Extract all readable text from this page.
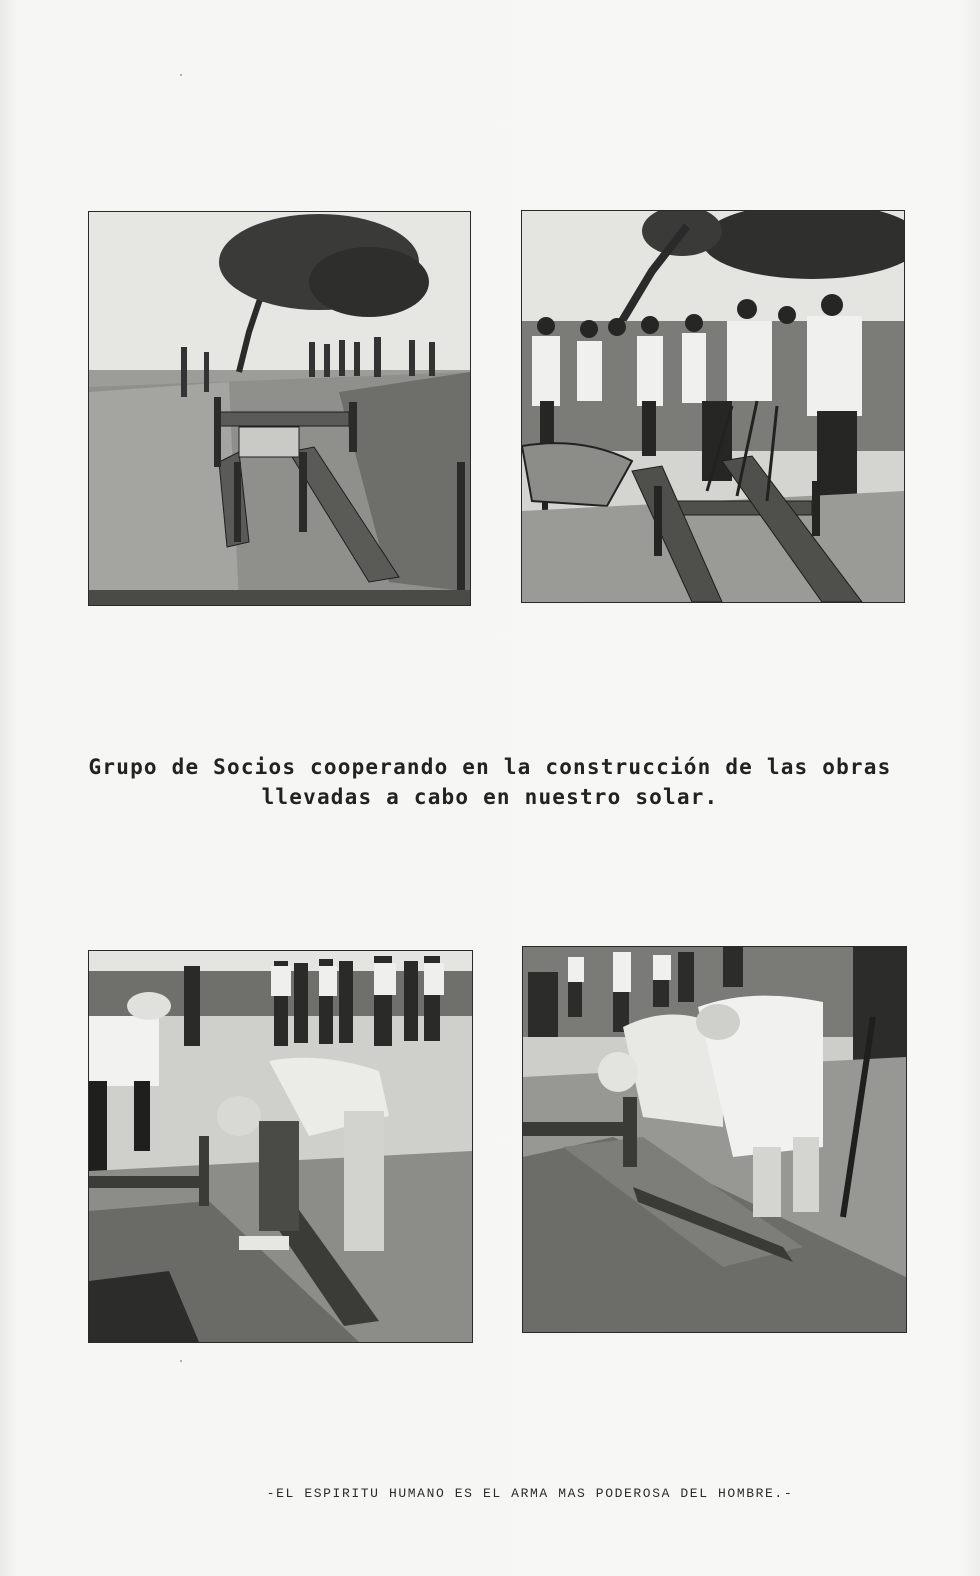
Grupo de Socios cooperando en la construcción de las obras
llevadas a cabo en nuestro solar.
-EL ESPIRITU HUMANO ES EL ARMA MAS PODEROSA DEL HOMBRE.-
